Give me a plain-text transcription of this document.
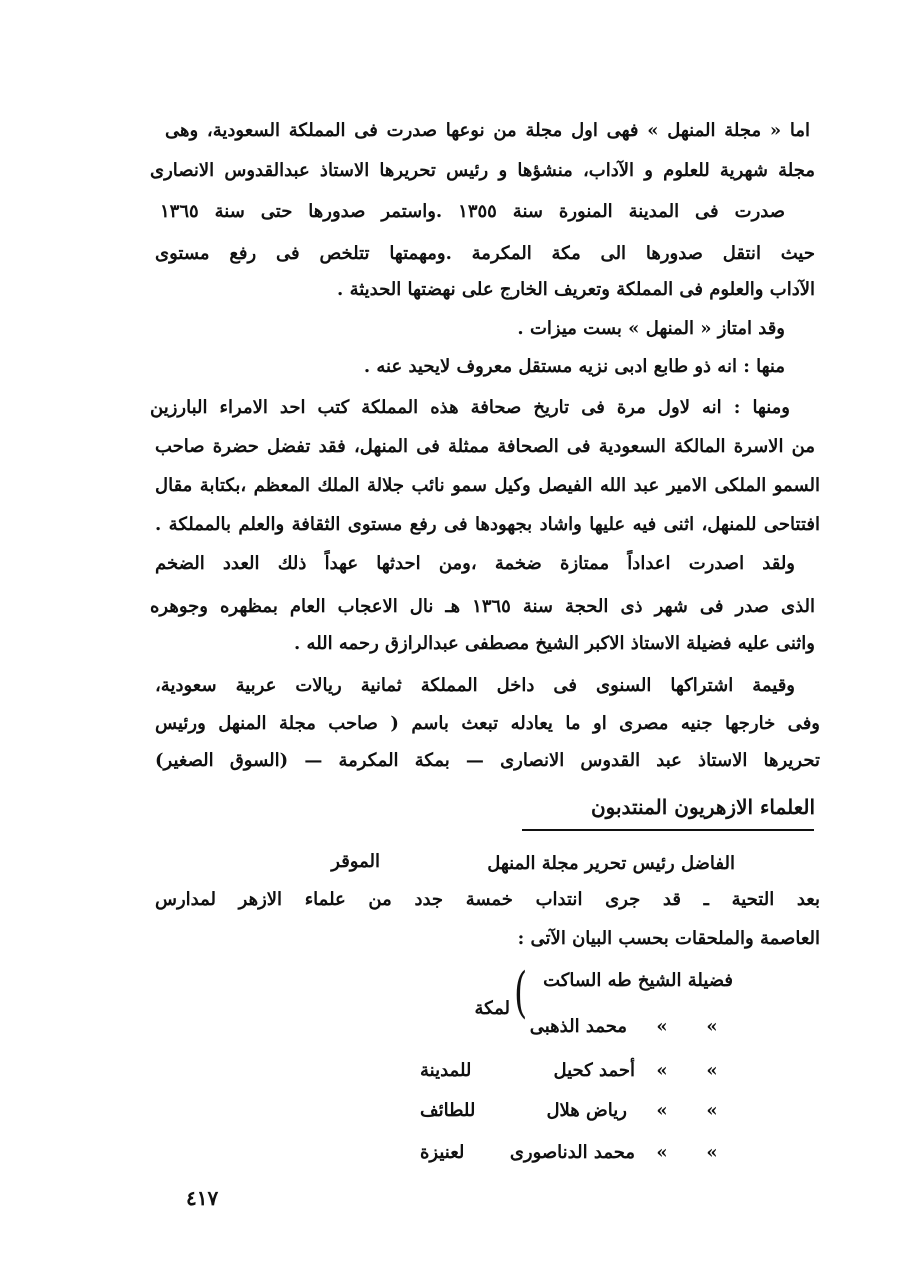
اما « مجلة المنهل » فهى اول مجلة من نوعها صدرت فى المملكة السعودية، وهى
مجلة شهرية للعلوم و الآداب، منشؤها و رئيس تحريرها الاستاذ عبدالقدوس الانصارى
صدرت فى المدينة المنورة سنة ١٣٥٥ .واستمر صدورها حتى سنة ١٣٦٥
حيث انتقل صدورها الى مكة المكرمة .ومهمتها تتلخص فى رفع مستوى
الآداب والعلوم فى المملكة وتعريف الخارج على نهضتها الحديثة .
وقد امتاز « المنهل » بست ميزات .
منها : انه ذو طابع ادبى نزيه مستقل معروف لايحيد عنه .
ومنها : انه لاول مرة فى تاريخ صحافة هذه المملكة كتب احد الامراء البارزين
من الاسرة المالكة السعودية فى الصحافة ممثلة فى المنهل، فقد تفضل حضرة صاحب
السمو الملكى الامير عبد الله الفيصل وكيل سمو نائب جلالة الملك المعظم ،بكتابة مقال
افتتاحى للمنهل، اثنى فيه عليها واشاد بجهودها فى رفع مستوى الثقافة والعلم بالمملكة .
ولقد اصدرت اعداداً ممتازة ضخمة ،ومن احدثها عهداً ذلك العدد الضخم
الذى صدر فى شهر ذى الحجة سنة ١٣٦٥ هـ نال الاعجاب العام بمظهره وجوهره
واثنى عليه فضيلة الاستاذ الاكبر الشيخ مصطفى عبدالرازق رحمه الله .
وقيمة اشتراكها السنوى فى داخل المملكة ثمانية ريالات عربية سعودية،
وفى خارجها جنيه مصرى او ما يعادله تبعث باسم ( صاحب مجلة المنهل ورئيس
تحريرها الاستاذ عبد القدوس الانصارى — بمكة المكرمة — (السوق الصغير)
العلماء الازهريون المنتدبون
الفاضل رئيس تحرير مجلة المنهل
الموقر
بعد التحية ـ قد جرى انتداب خمسة جدد من علماء الازهر لمدارس
العاصمة والملحقات بحسب البيان الآتى :
فضيلة الشيخ طه الساكت
«
«
محمد الذهبى
«
«
أحمد كحيل
للمدينة
«
«
رياض هلال
للطائف
«
«
محمد الدناصورى
لعنيزة
(
لمكة
٤١٧
